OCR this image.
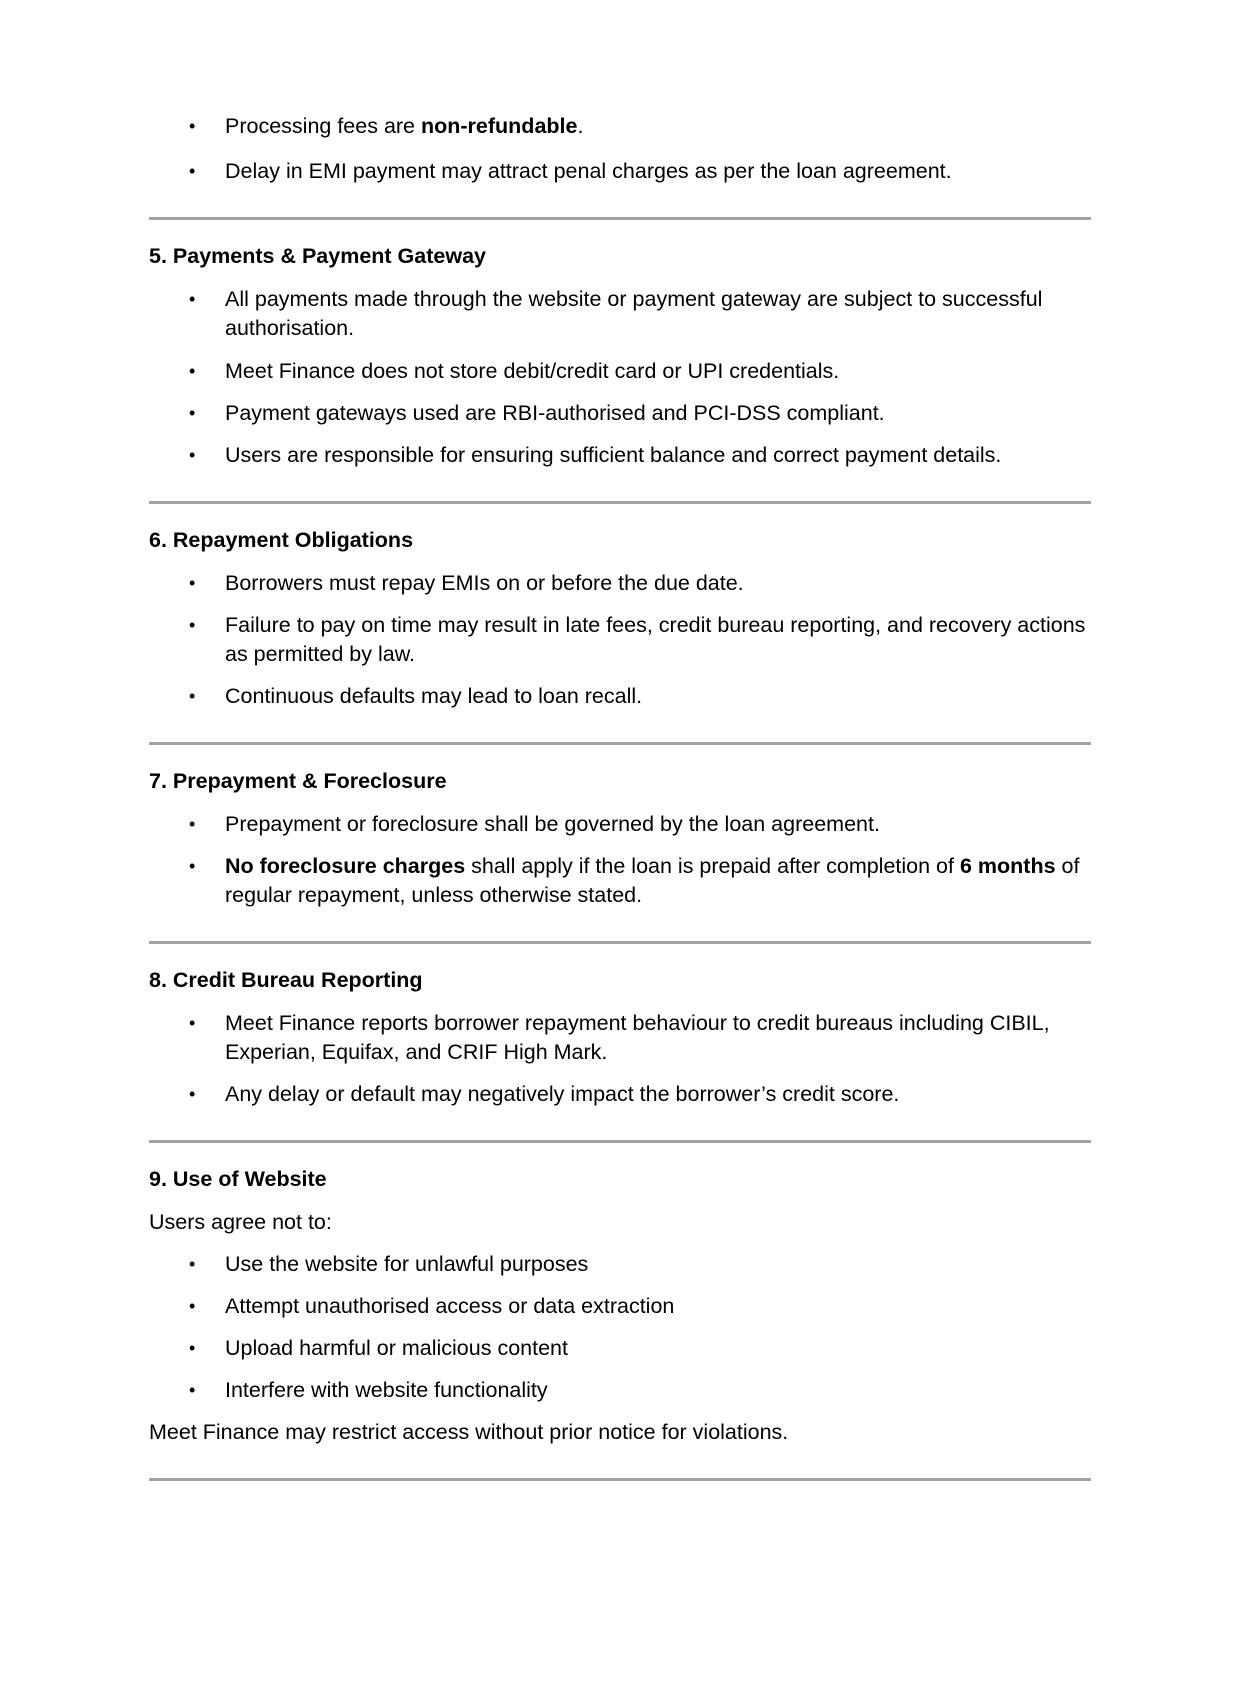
• Processing fees are non-refundable.
• Delay in EMI payment may attract penal charges as per the loan agreement.
5. Payments & Payment Gateway
• All payments made through the website or payment gateway are subject to successful authorisation.
• Meet Finance does not store debit/credit card or UPI credentials.
• Payment gateways used are RBI-authorised and PCI-DSS compliant.
• Users are responsible for ensuring sufficient balance and correct payment details.
6. Repayment Obligations
• Borrowers must repay EMIs on or before the due date.
• Failure to pay on time may result in late fees, credit bureau reporting, and recovery actions as permitted by law.
• Continuous defaults may lead to loan recall.
7. Prepayment & Foreclosure
• Prepayment or foreclosure shall be governed by the loan agreement.
• No foreclosure charges shall apply if the loan is prepaid after completion of 6 months of regular repayment, unless otherwise stated.
8. Credit Bureau Reporting
• Meet Finance reports borrower repayment behaviour to credit bureaus including CIBIL, Experian, Equifax, and CRIF High Mark.
• Any delay or default may negatively impact the borrower’s credit score.
9. Use of Website

Users agree not to:

• Use the website for unlawful purposes
• Attempt unauthorised access or data extraction
• Upload harmful or malicious content
• Interfere with website functionality

Meet Finance may restrict access without prior notice for violations.
